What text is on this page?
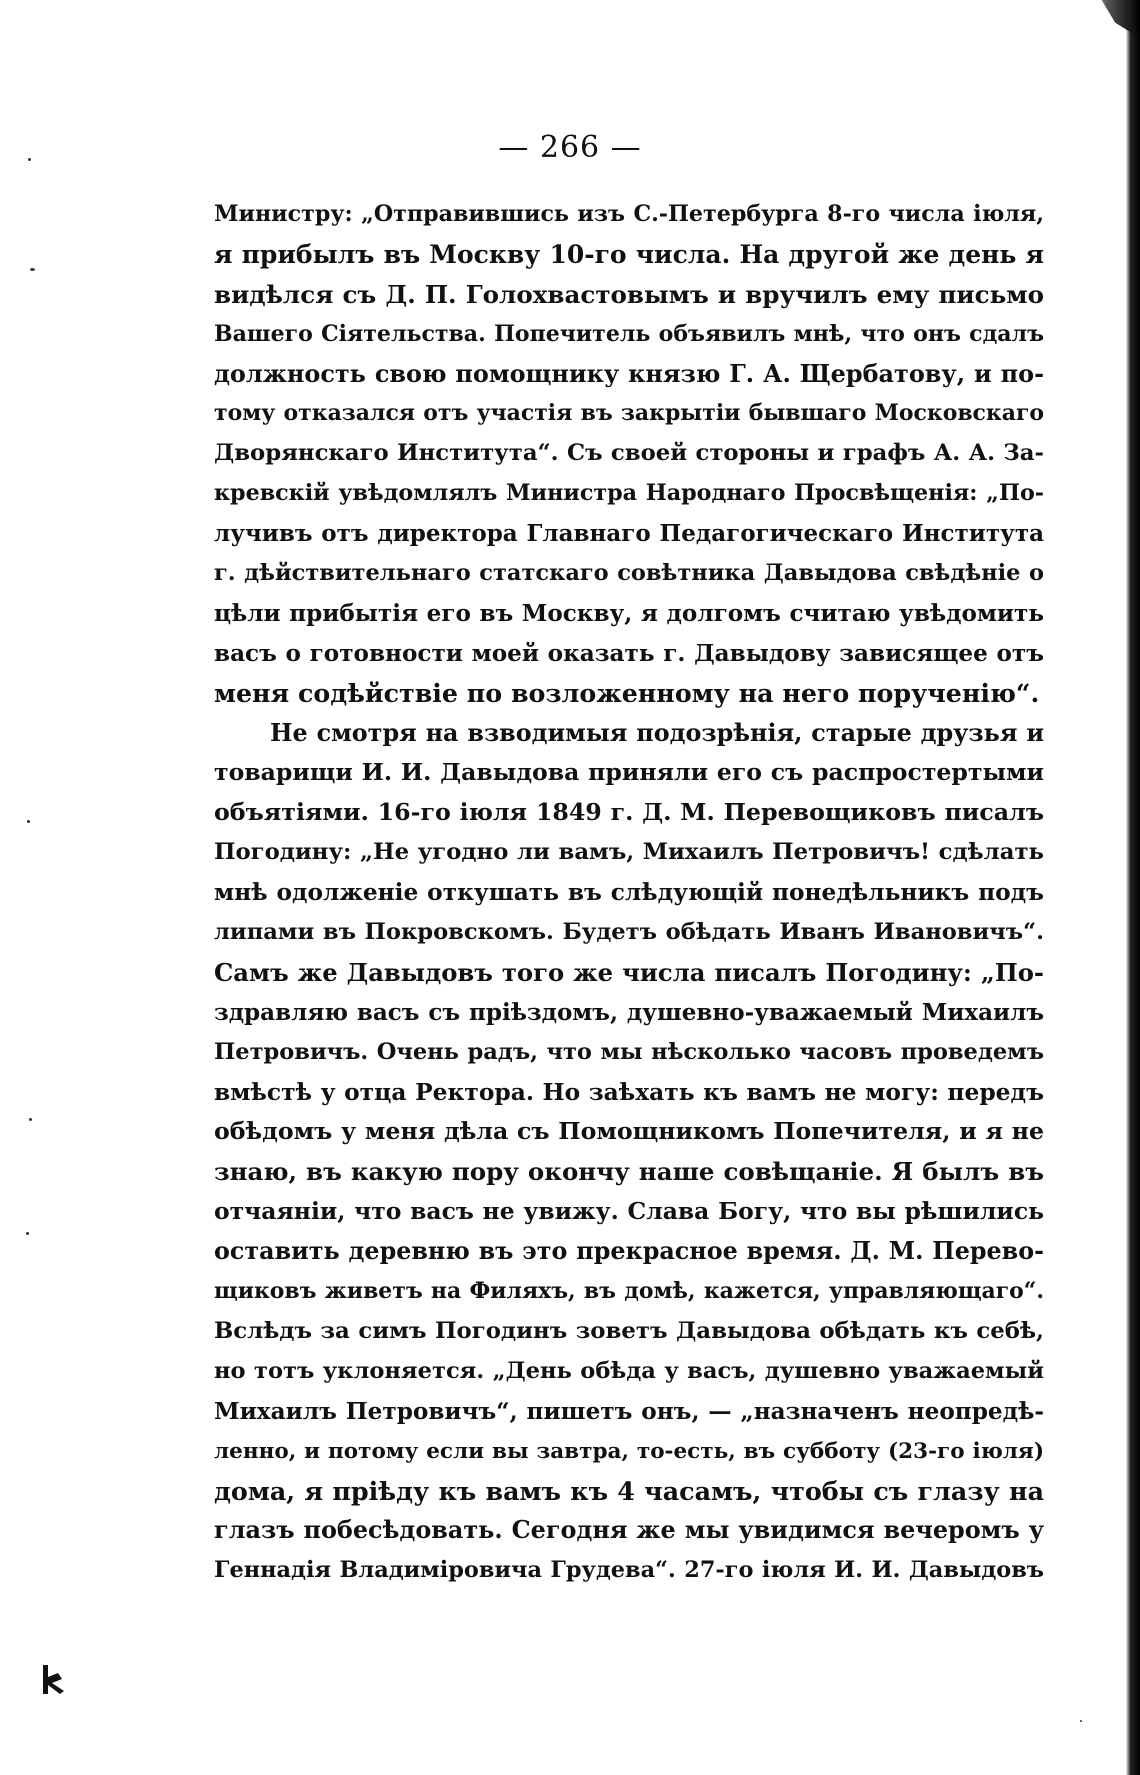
— 266 —
Министру: „Отправившись изъ С.-Петербурга 8-го числа іюля,
я прибылъ въ Москву 10-го числа. На другой же день я
видѣлся съ Д. П. Голохвастовымъ и вручилъ ему письмо
Вашего Сіятельства. Попечитель объявилъ мнѣ, что онъ сдалъ
должность свою помощнику князю Г. А. Щербатову, и по-
тому отказался отъ участія въ закрытіи бывшаго Московскаго
Дворянскаго Института“. Съ своей стороны и графъ А. А. За-
кревскій увѣдомлялъ Министра Народнаго Просвѣщенія: „По-
лучивъ отъ директора Главнаго Педагогическаго Института
г. дѣйствительнаго статскаго совѣтника Давыдова свѣдѣніе о
цѣли прибытія его въ Москву, я долгомъ считаю увѣдомить
васъ о готовности моей оказать г. Давыдову зависящее отъ
меня содѣйствіе по возложенному на него порученію“.
Не смотря на взводимыя подозрѣнія, старые друзья и
товарищи И. И. Давыдова приняли его съ распростертыми
объятіями. 16-го іюля 1849 г. Д. М. Перевощиковъ писалъ
Погодину: „Не угодно ли вамъ, Михаилъ Петровичъ! сдѣлать
мнѣ одолженіе откушать въ слѣдующій понедѣльникъ подъ
липами въ Покровскомъ. Будетъ обѣдать Иванъ Ивановичъ“.
Самъ же Давыдовъ того же числа писалъ Погодину: „По-
здравляю васъ съ пріѣздомъ, душевно-уважаемый Михаилъ
Петровичъ. Очень радъ, что мы нѣсколько часовъ проведемъ
вмѣстѣ у отца Ректора. Но заѣхать къ вамъ не могу: передъ
обѣдомъ у меня дѣла съ Помощникомъ Попечителя, и я не
знаю, въ какую пору окончу наше совѣщаніе. Я былъ въ
отчаяніи, что васъ не увижу. Слава Богу, что вы рѣшились
оставить деревню въ это прекрасное время. Д. М. Перево-
щиковъ живетъ на Филяхъ, въ домѣ, кажется, управляющаго“.
Вслѣдъ за симъ Погодинъ зоветъ Давыдова обѣдать къ себѣ,
но тотъ уклоняется. „День обѣда у васъ, душевно уважаемый
Михаилъ Петровичъ“, пишетъ онъ, — „назначенъ неопредѣ-
ленно, и потому если вы завтра, то-есть, въ субботу (23-го іюля)
дома, я пріѣду къ вамъ къ 4 часамъ, чтобы съ глазу на
глазъ побесѣдовать. Сегодня же мы увидимся вечеромъ у
Геннадія Владиміровича Грудева“. 27-го іюля И. И. Давыдовъ
